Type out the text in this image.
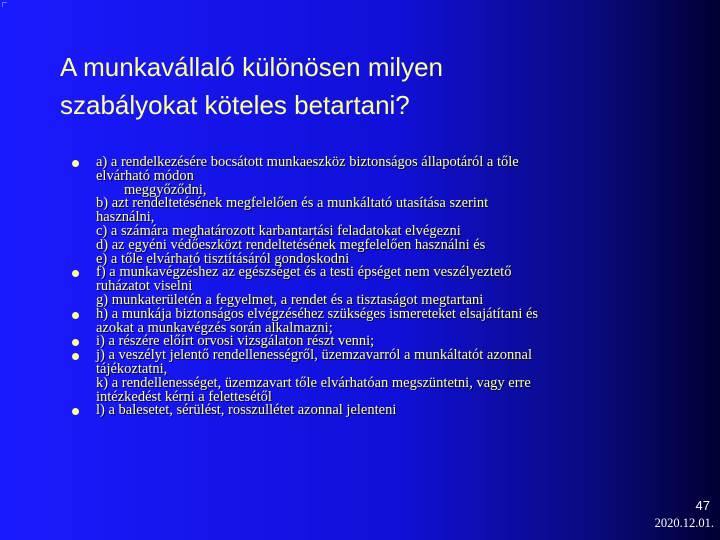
A munkavállaló különösen milyen
szabályokat köteles betartani?
a) a rendelkezésére bocsátott munkaeszköz biztonságos állapotáról a tőle
elvárható módon
meggyőződni,
b) azt rendeltetésének megfelelően és a munkáltató utasítása szerint
használni,
c) a számára meghatározott karbantartási feladatokat elvégezni
d) az egyéni védőeszközt rendeltetésének megfelelően használni és
e) a tőle elvárható tisztításáról gondoskodni
f) a munkavégzéshez az egészséget és a testi épséget nem veszélyeztető
ruházatot viselni
g) munkaterületén a fegyelmet, a rendet és a tisztaságot megtartani
h) a munkája biztonságos elvégzéséhez szükséges ismereteket elsajátítani és
azokat a munkavégzés során alkalmazni;
i) a részére előírt orvosi vizsgálaton részt venni;
j) a veszélyt jelentő rendellenességről, üzemzavarról a munkáltatót azonnal
tájékoztatni,
k) a rendellenességet, üzemzavart tőle elvárhatóan megszüntetni, vagy erre
intézkedést kérni a felettesétől
l) a balesetet, sérülést, rosszullétet azonnal jelenteni
47
2020.12.01.
